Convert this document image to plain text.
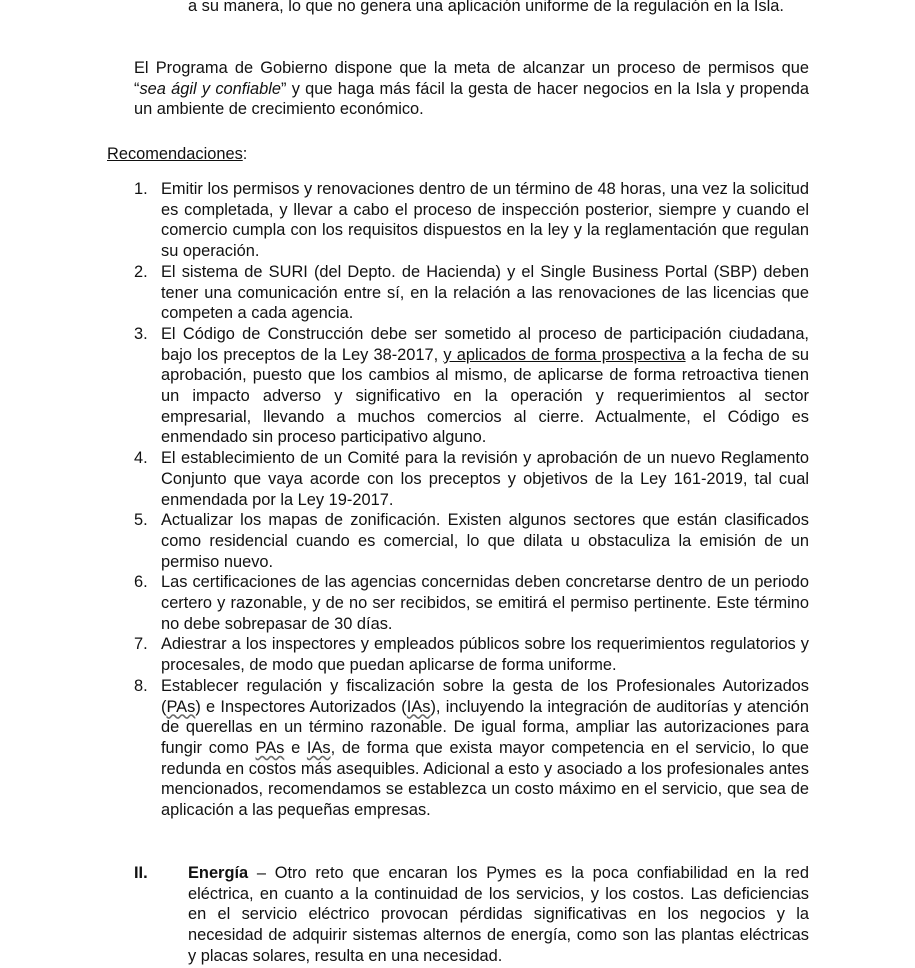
a su manera, lo que no genera una aplicación uniforme de la regulación en la Isla.
El Programa de Gobierno dispone que la meta de alcanzar un proceso de permisos que “sea ágil y confiable” y que haga más fácil la gesta de hacer negocios en la Isla y propenda un ambiente de crecimiento económico.
Recomendaciones:
1. Emitir los permisos y renovaciones dentro de un término de 48 horas, una vez la solicitud es completada, y llevar a cabo el proceso de inspección posterior, siempre y cuando el comercio cumpla con los requisitos dispuestos en la ley y la reglamentación que regulan su operación.
2. El sistema de SURI (del Depto. de Hacienda) y el Single Business Portal (SBP) deben tener una comunicación entre sí, en la relación a las renovaciones de las licencias que competen a cada agencia.
3. El Código de Construcción debe ser sometido al proceso de participación ciudadana, bajo los preceptos de la Ley 38-2017, y aplicados de forma prospectiva a la fecha de su aprobación, puesto que los cambios al mismo, de aplicarse de forma retroactiva tienen un impacto adverso y significativo en la operación y requerimientos al sector empresarial, llevando a muchos comercios al cierre. Actualmente, el Código es enmendado sin proceso participativo alguno.
4. El establecimiento de un Comité para la revisión y aprobación de un nuevo Reglamento Conjunto que vaya acorde con los preceptos y objetivos de la Ley 161-2019, tal cual enmendada por la Ley 19-2017.
5. Actualizar los mapas de zonificación. Existen algunos sectores que están clasificados como residencial cuando es comercial, lo que dilata u obstaculiza la emisión de un permiso nuevo.
6. Las certificaciones de las agencias concernidas deben concretarse dentro de un periodo certero y razonable, y de no ser recibidos, se emitirá el permiso pertinente. Este término no debe sobrepasar de 30 días.
7. Adiestrar a los inspectores y empleados públicos sobre los requerimientos regulatorios y procesales, de modo que puedan aplicarse de forma uniforme.
8. Establecer regulación y fiscalización sobre la gesta de los Profesionales Autorizados (PAs) e Inspectores Autorizados (IAs), incluyendo la integración de auditorías y atención de querellas en un término razonable. De igual forma, ampliar las autorizaciones para fungir como PAs e IAs, de forma que exista mayor competencia en el servicio, lo que redunda en costos más asequibles. Adicional a esto y asociado a los profesionales antes mencionados, recomendamos se establezca un costo máximo en el servicio, que sea de aplicación a las pequeñas empresas.
II.	Energía – Otro reto que encaran los Pymes es la poca confiabilidad en la red eléctrica, en cuanto a la continuidad de los servicios, y los costos. Las deficiencias en el servicio eléctrico provocan pérdidas significativas en los negocios y la necesidad de adquirir sistemas alternos de energía, como son las plantas eléctricas y placas solares, resulta en una necesidad.
